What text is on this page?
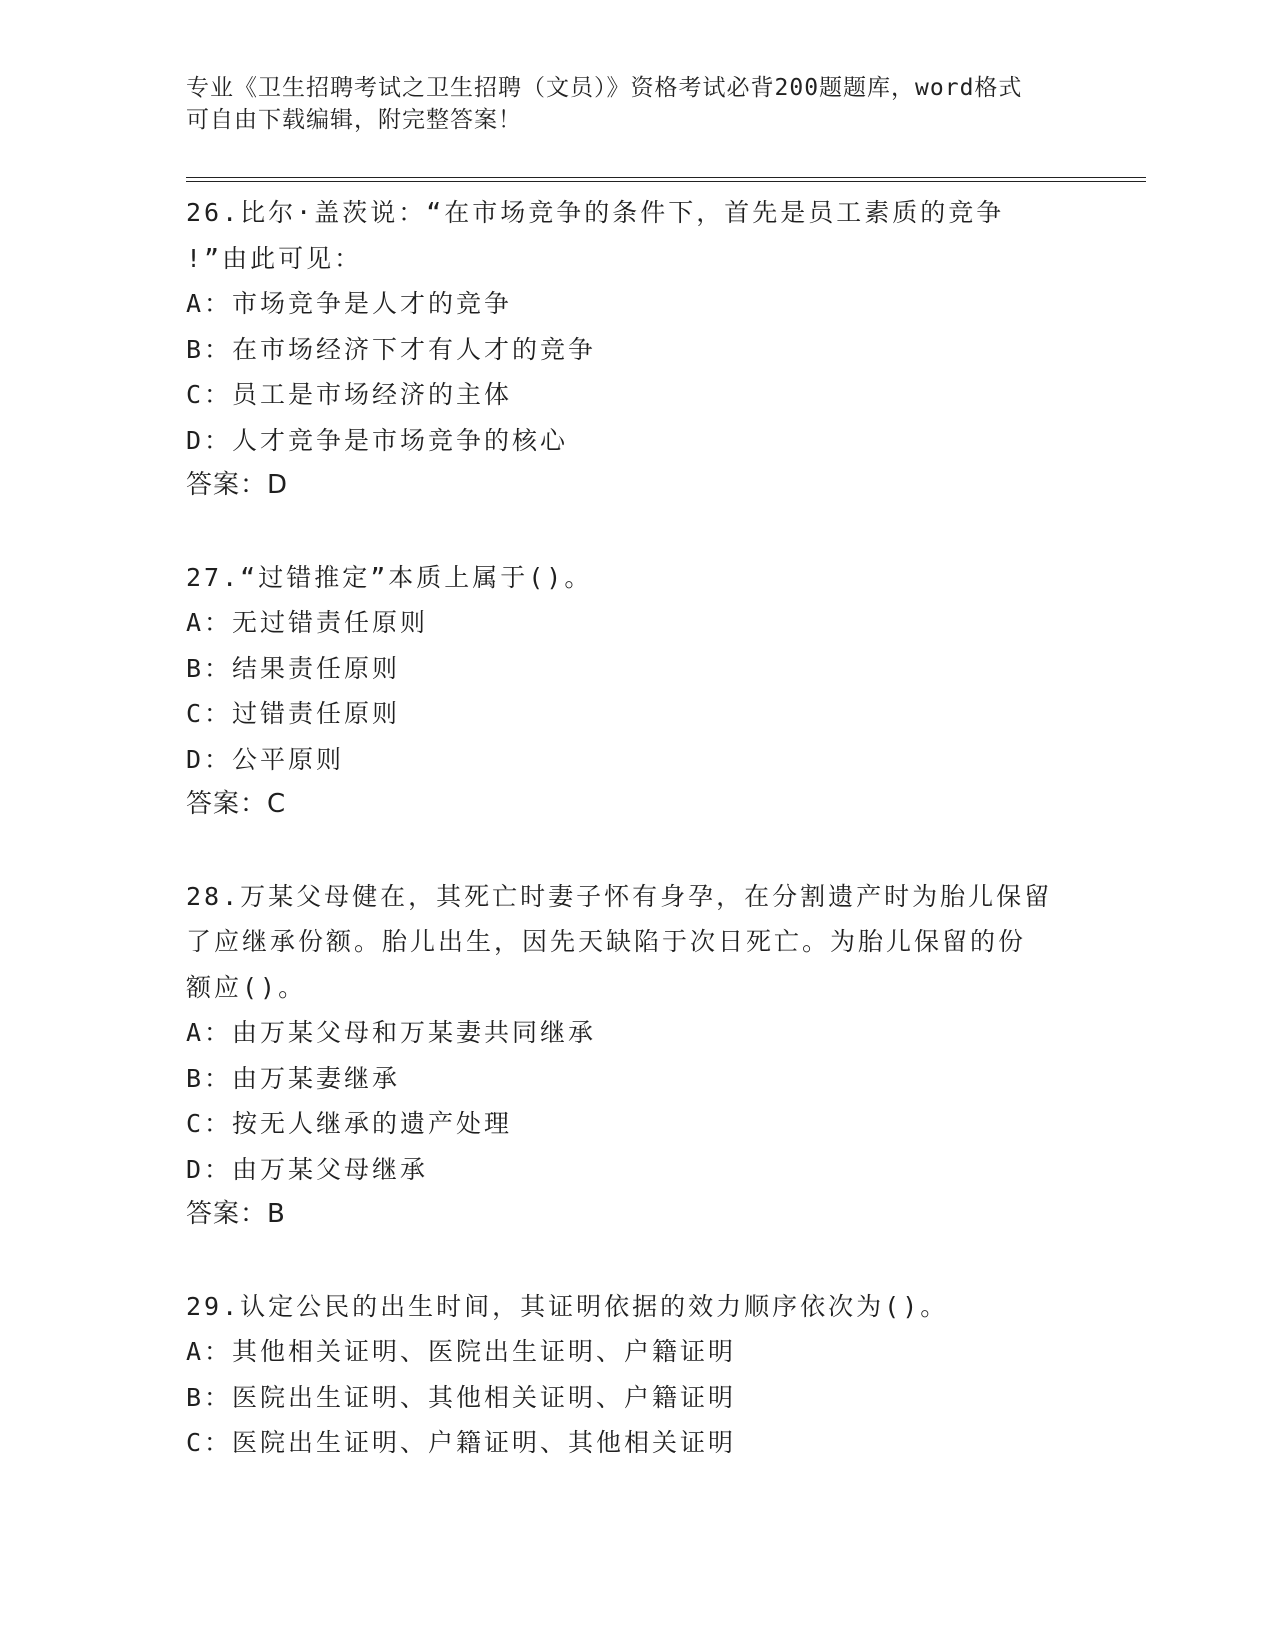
专业《卫生招聘考试之卫生招聘（文员）》资格考试必背200题题库，word格式

可自由下载编辑，附完整答案！

26.比尔·盖茨说：“在市场竞争的条件下，首先是员工素质的竞争

!”由此可见：

A：市场竞争是人才的竞争

B：在市场经济下才有人才的竞争

C：员工是市场经济的主体

D：人才竞争是市场竞争的核心

答案：D

27.“过错推定”本质上属于()。

A：无过错责任原则

B：结果责任原则

C：过错责任原则

D：公平原则

答案：C

28.万某父母健在，其死亡时妻子怀有身孕，在分割遗产时为胎儿保留

了应继承份额。胎儿出生，因先天缺陷于次日死亡。为胎儿保留的份

额应()。

A：由万某父母和万某妻共同继承

B：由万某妻继承

C：按无人继承的遗产处理

D：由万某父母继承

答案：B

29.认定公民的出生时间，其证明依据的效力顺序依次为()。

A：其他相关证明、医院出生证明、户籍证明

B：医院出生证明、其他相关证明、户籍证明

C：医院出生证明、户籍证明、其他相关证明
